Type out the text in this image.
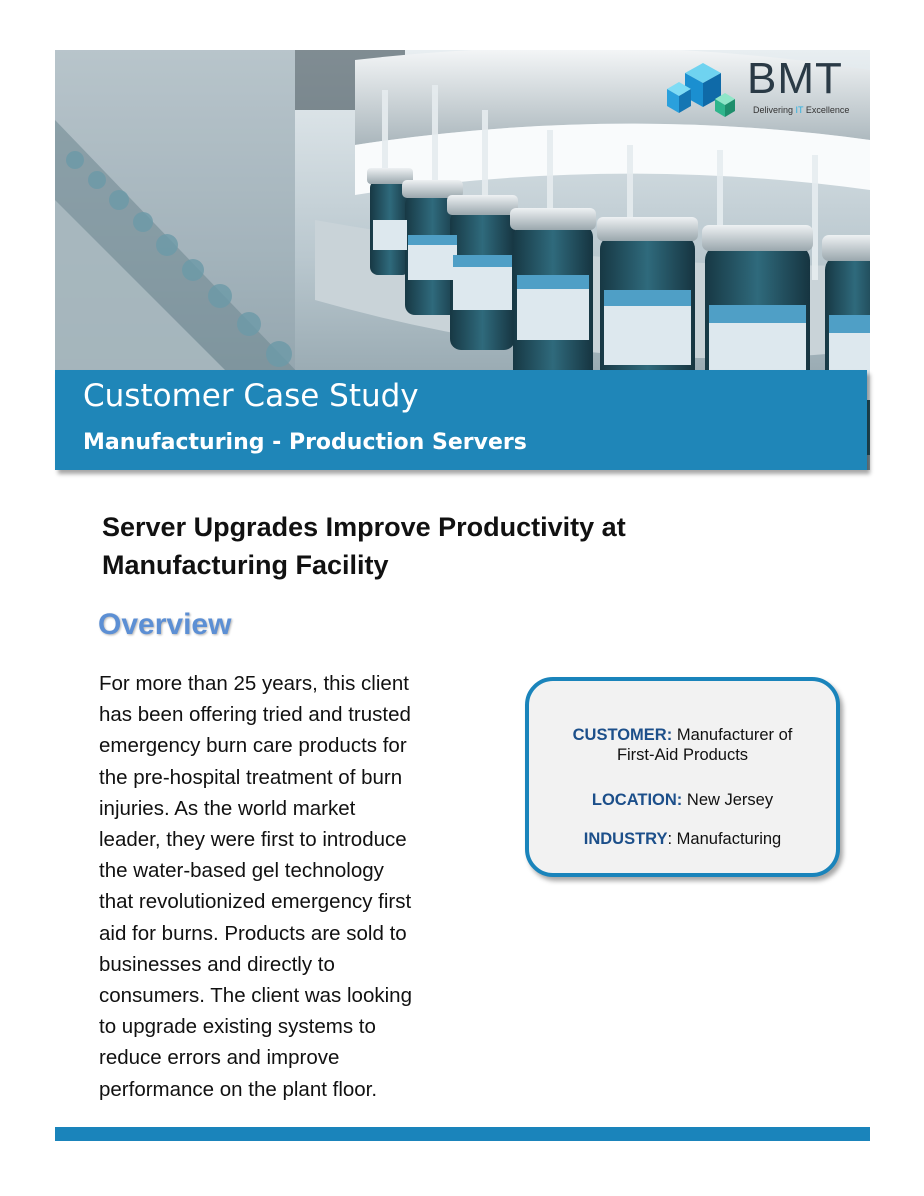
BMT
Delivering IT Excellence
Customer Case Study
Manufacturing - Production Servers
Server Upgrades Improve Productivity at
Manufacturing Facility
Overview
For more than 25 years, this client
has been offering tried and trusted
emergency burn care products for
the pre-hospital treatment of burn
injuries. As the world market
leader, they were first to introduce
the water-based gel technology
that revolutionized emergency first
aid for burns. Products are sold to
businesses and directly to
consumers. The client was looking
to upgrade existing systems to
reduce errors and improve
performance on the plant floor.
CUSTOMER: Manufacturer of
First-Aid Products
LOCATION: New Jersey
INDUSTRY: Manufacturing
